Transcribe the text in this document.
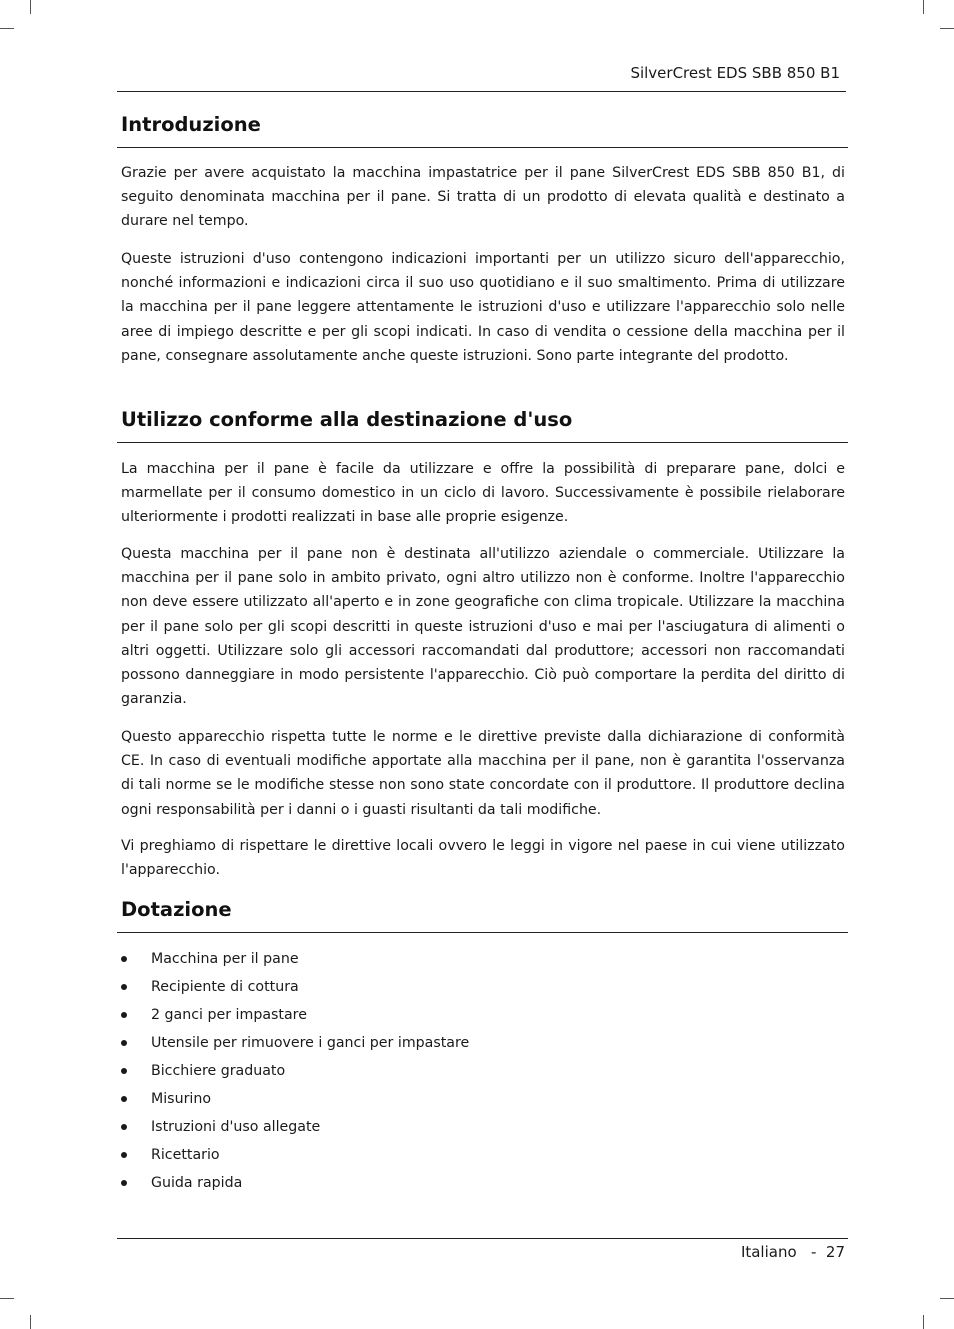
SilverCrest EDS SBB 850 B1
Introduzione

Grazie per avere acquistato la macchina impastatrice per il pane SilverCrest EDS SBB 850 B1, di seguito denominata macchina per il pane. Si tratta di un prodotto di elevata qualità e destinato a durare nel tempo.

Queste istruzioni d'uso contengono indicazioni importanti per un utilizzo sicuro dell'apparecchio, nonché informazioni e indicazioni circa il suo uso quotidiano e il suo smaltimento. Prima di utilizzare la macchina per il pane leggere attentamente le istruzioni d'uso e utilizzare l'apparecchio solo nelle aree di impiego descritte e per gli scopi indicati. In caso di vendita o cessione della macchina per il pane, consegnare assolutamente anche queste istruzioni. Sono parte integrante del prodotto.

Utilizzo conforme alla destinazione d'uso

La macchina per il pane è facile da utilizzare e offre la possibilità di preparare pane, dolci e marmellate per il consumo domestico in un ciclo di lavoro. Successivamente è possibile rielaborare ulteriormente i prodotti realizzati in base alle proprie esigenze.

Questa macchina per il pane non è destinata all'utilizzo aziendale o commerciale. Utilizzare la macchina per il pane solo in ambito privato, ogni altro utilizzo non è conforme. Inoltre l'apparecchio non deve essere utilizzato all'aperto e in zone geografiche con clima tropicale. Utilizzare la macchina per il pane solo per gli scopi descritti in queste istruzioni d'uso e mai per l'asciugatura di alimenti o altri oggetti. Utilizzare solo gli accessori raccomandati dal produttore; accessori non raccomandati possono danneggiare in modo persistente l'apparecchio. Ciò può comportare la perdita del diritto di garanzia.

Questo apparecchio rispetta tutte le norme e le direttive previste dalla dichiarazione di conformità CE. In caso di eventuali modifiche apportate alla macchina per il pane, non è garantita l'osservanza di tali norme se le modifiche stesse non sono state concordate con il produttore. Il produttore declina ogni responsabilità per i danni o i guasti risultanti da tali modifiche.

Vi preghiamo di rispettare le direttive locali ovvero le leggi in vigore nel paese in cui viene utilizzato l'apparecchio.

Dotazione
Macchina per il pane
Recipiente di cottura
2 ganci per impastare
Utensile per rimuovere i ganci per impastare
Bicchiere graduato
Misurino
Istruzioni d'uso allegate
Ricettario
Guida rapida
Italiano   -  27
